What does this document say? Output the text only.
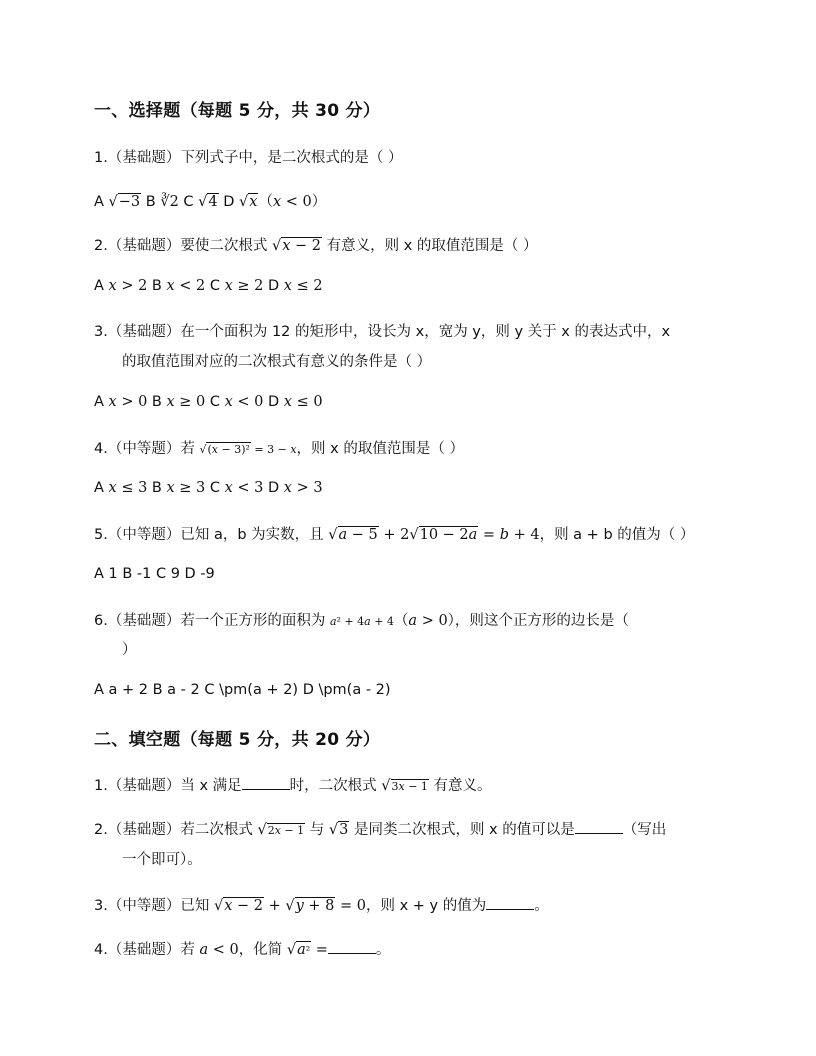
一、选择题（每题 5 分，共 30 分）
1.（基础题）下列式子中，是二次根式的是（ ）
A √−3 B ∛2 C √4 D √x（x < 0）
2.（基础题）要使二次根式 √x − 2 有意义，则 x 的取值范围是（ ）
A x > 2 B x < 2 C x ≥ 2 D x ≤ 2
3.（基础题）在一个面积为 12 的矩形中，设长为 x，宽为 y，则 y 关于 x 的表达式中，x
的取值范围对应的二次根式有意义的条件是（ ）
A x > 0 B x ≥ 0 C x < 0 D x ≤ 0
4.（中等题）若 √(x − 3)² = 3 − x，则 x 的取值范围是（ ）
A x ≤ 3 B x ≥ 3 C x < 3 D x > 3
5.（中等题）已知 a，b 为实数，且 √a − 5 + 2√10 − 2a = b + 4，则 a + b 的值为（ ）
A 1 B -1 C 9 D -9
6.（基础题）若一个正方形的面积为 a² + 4a + 4（a > 0），则这个正方形的边长是（
）
A a + 2 B a - 2 C \pm(a + 2) D \pm(a - 2)
二、填空题（每题 5 分，共 20 分）
1.（基础题）当 x 满足	时，二次根式 √3x − 1 有意义。
2.（基础题）若二次根式 √2x − 1 与 √3 是同类二次根式，则 x 的值可以是	（写出
一个即可）。
3.（中等题）已知 √x − 2 + √y + 8 = 0，则 x + y 的值为	。
4.（基础题）若 a < 0，化简 √a² =	。
